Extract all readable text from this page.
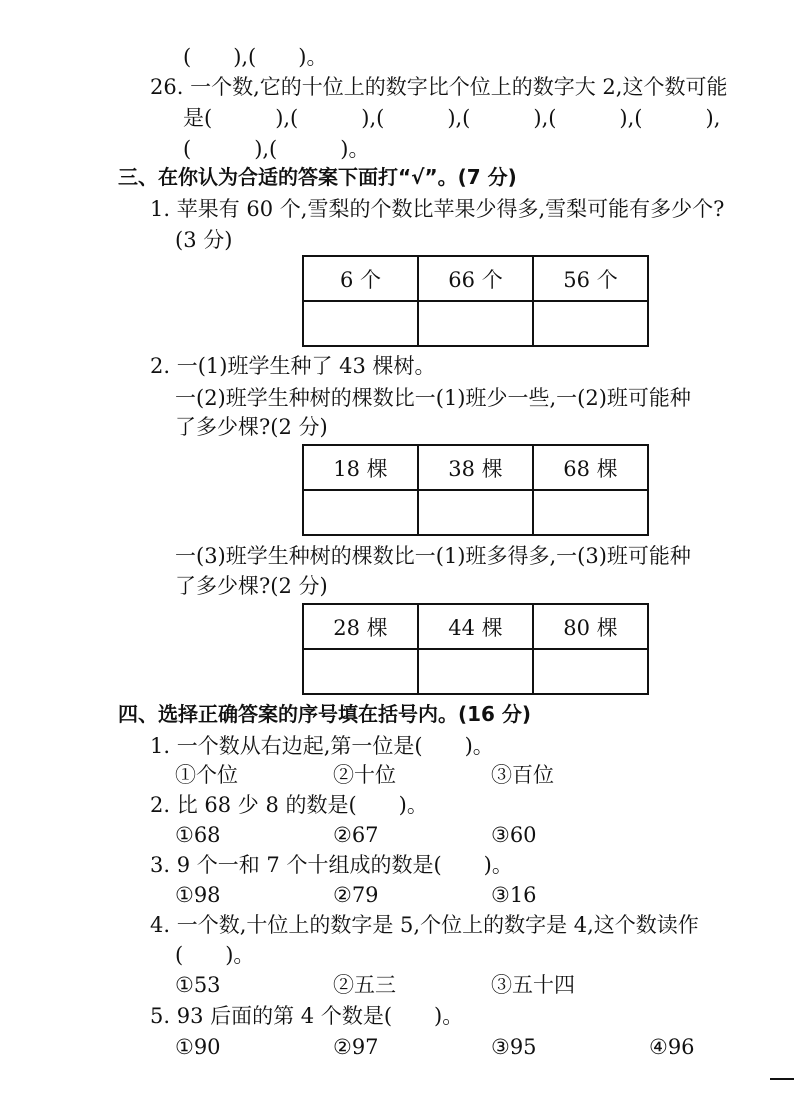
(　　),(　　)。
26. 一个数,它的十位上的数字比个位上的数字大 2,这个数可能
是(　　　),(　　　),(　　　),(　　　),(　　　),(　　　),
(　　　),(　　　)。
三、在你认为合适的答案下面打“√”。(7 分)
1. 苹果有 60 个,雪梨的个数比苹果少得多,雪梨可能有多少个?
(3 分)
6 个	66 个	56 个

2. 一(1)班学生种了 43 棵树。
一(2)班学生种树的棵数比一(1)班少一些,一(2)班可能种
了多少棵?(2 分)
18 棵	38 棵	68 棵

一(3)班学生种树的棵数比一(1)班多得多,一(3)班可能种
了多少棵?(2 分)
28 棵	44 棵	80 棵

四、选择正确答案的序号填在括号内。(16 分)
1. 一个数从右边起,第一位是(　　)。
①个位	②十位	③百位
2. 比 68 少 8 的数是(　　)。
①68	②67	③60
3. 9 个一和 7 个十组成的数是(　　)。
①98	②79	③16
4. 一个数,十位上的数字是 5,个位上的数字是 4,这个数读作
(　　)。
①53	②五三	③五十四
5. 93 后面的第 4 个数是(　　)。
①90	②97	③95	④96
